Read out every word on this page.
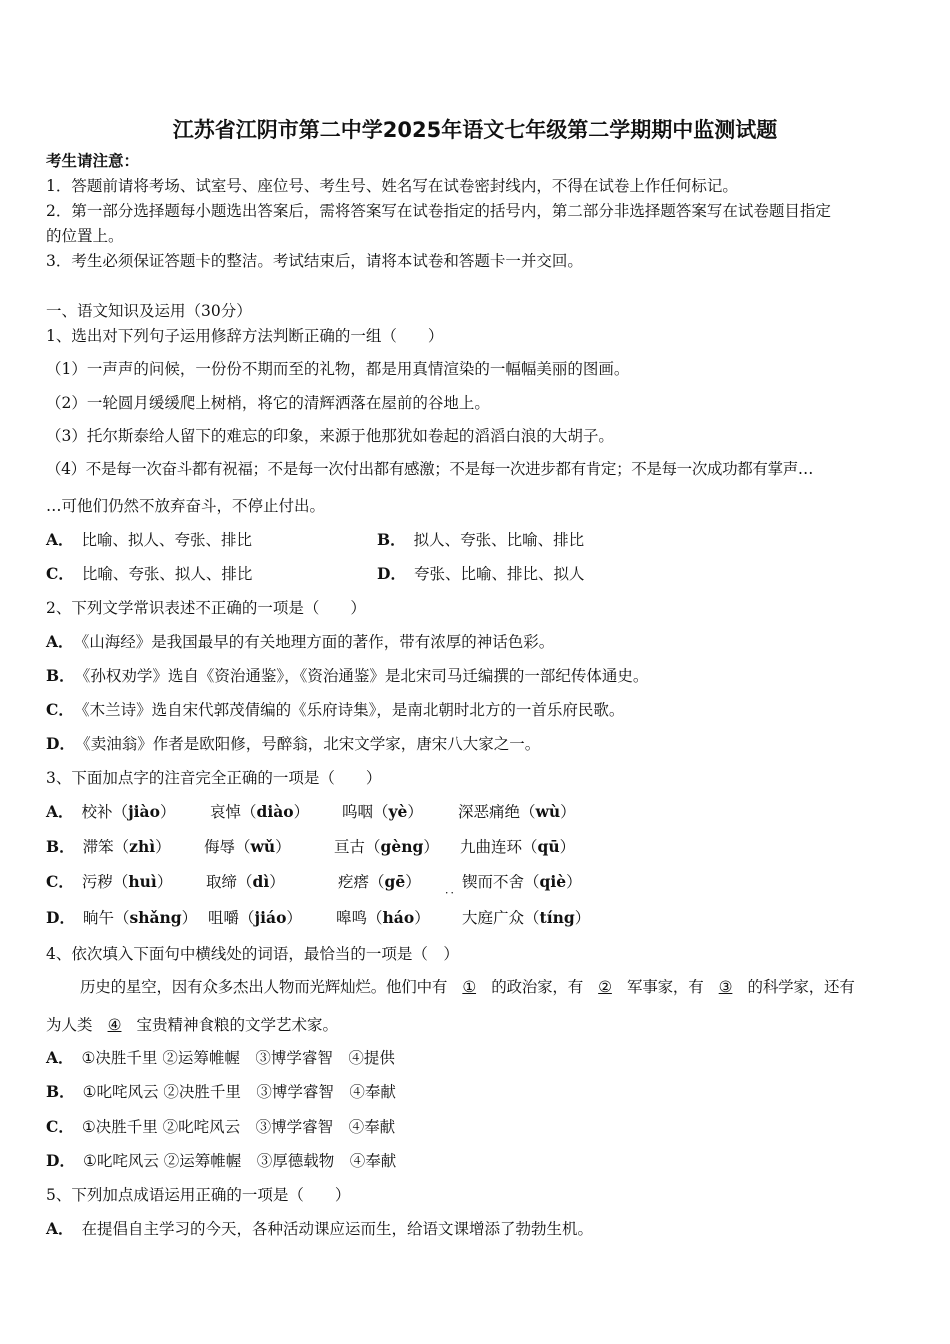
江苏省江阴市第二中学2025年语文七年级第二学期期中监测试题
考生请注意：
1．答题前请将考场、试室号、座位号、考生号、姓名写在试卷密封线内，不得在试卷上作任何标记。
2．第一部分选择题每小题选出答案后，需将答案写在试卷指定的括号内，第二部分非选择题答案写在试卷题目指定
的位置上。
3．考生必须保证答题卡的整洁。考试结束后，请将本试卷和答题卡一并交回。
一、语文知识及运用（30分）
1、选出对下列句子运用修辞方法判断正确的一组（　　）
（1）一声声的问候，一份份不期而至的礼物，都是用真情渲染的一幅幅美丽的图画。
（2）一轮圆月缓缓爬上树梢，将它的清辉洒落在屋前的谷地上。
（3）托尔斯泰给人留下的难忘的印象，来源于他那犹如卷起的滔滔白浪的大胡子。
（4）不是每一次奋斗都有祝福；不是每一次付出都有感激；不是每一次进步都有肯定；不是每一次成功都有掌声…
…可他们仍然不放弃奋斗，不停止付出。
A． 比喻、拟人、夸张、排比	B． 拟人、夸张、比喻、排比
C． 比喻、夸张、拟人、排比	D． 夸张、比喻、排比、拟人
2、下列文学常识表述不正确的一项是（　　）
A． 《山海经》是我国最早的有关地理方面的著作，带有浓厚的神话色彩。
B． 《孙权劝学》选自《资治通鉴》，《资治通鉴》是北宋司马迁编撰的一部纪传体通史。
C． 《木兰诗》选自宋代郭茂倩编的《乐府诗集》，是南北朝时北方的一首乐府民歌。
D． 《卖油翁》作者是欧阳修，号醉翁，北宋文学家，唐宋八大家之一。
3、下面加点字的注音完全正确的一项是（　　）
A． 校补（jiào） 哀悼（diào） 呜咽（yè） 深恶痛绝（wù）
B． 滞笨（zhì） 侮辱（wǔ）	亘古（gèng） 九曲连环（qū）
C． 污秽（huì） 取缔（dì）	疙瘩（gē）	锲而不舍（qiè）
．．
D． 晌午（shǎng） 咀嚼（jiáo） 嗥鸣（háo） 大庭广众（tíng）
4、依次填入下面句中横线处的词语，最恰当的一项是（　）
历史的星空，因有众多杰出人物而光辉灿烂。他们中有 ① 的政治家，有 ② 军事家，有 ③ 的科学家，还有
为人类 ④ 宝贵精神食粮的文学艺术家。
A． ①决胜千里 ②运筹帷幄　③博学睿智　④提供
B． ①叱咤风云 ②决胜千里　③博学睿智　④奉献
C． ①决胜千里 ②叱咤风云　③博学睿智　④奉献
D． ①叱咤风云 ②运筹帷幄　③厚德载物　④奉献
5、下列加点成语运用正确的一项是（　　）
A． 在提倡自主学习的今天，各种活动课应运而生，给语文课增添了勃勃生机。
